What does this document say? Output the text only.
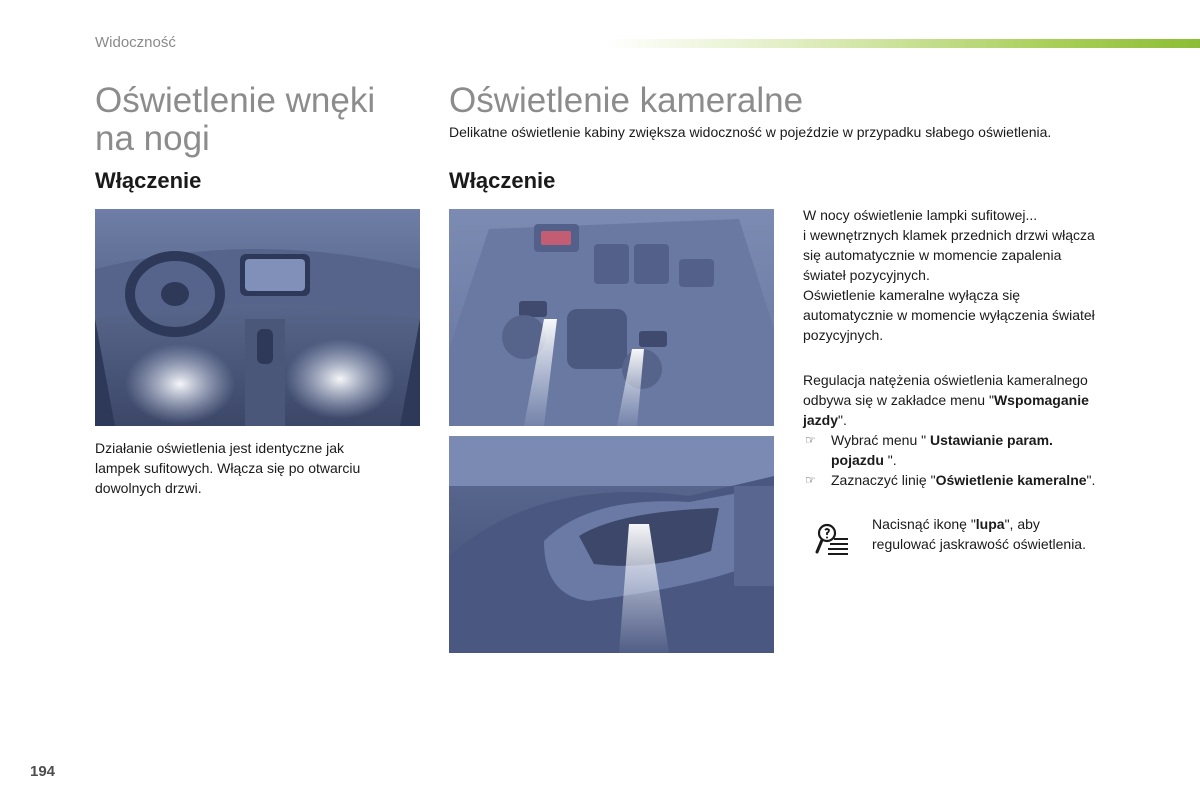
Widoczność
Oświetlenie wnęki
na nogi
Włączenie
Działanie oświetlenia jest identyczne jak
lampek sufitowych. Włącza się po otwarciu
dowolnych drzwi.
Oświetlenie kameralne
Delikatne oświetlenie kabiny zwiększa widoczność w pojeździe w przypadku słabego oświetlenia.
Włączenie
W nocy oświetlenie lampki sufitowej...
i wewnętrznych klamek przednich drzwi włącza
się automatycznie w momencie zapalenia
świateł pozycyjnych.
Oświetlenie kameralne wyłącza się
automatycznie w momencie wyłączenia świateł
pozycyjnych.
Regulacja natężenia oświetlenia kameralnego
odbywa się w zakładce menu "Wspomaganie
jazdy".
☞ Wybrać menu " Ustawianie param.
pojazdu ".
☞ Zaznaczyć linię "Oświetlenie kameralne".
Nacisnąć ikonę "lupa", aby
regulować jaskrawość oświetlenia.
194
